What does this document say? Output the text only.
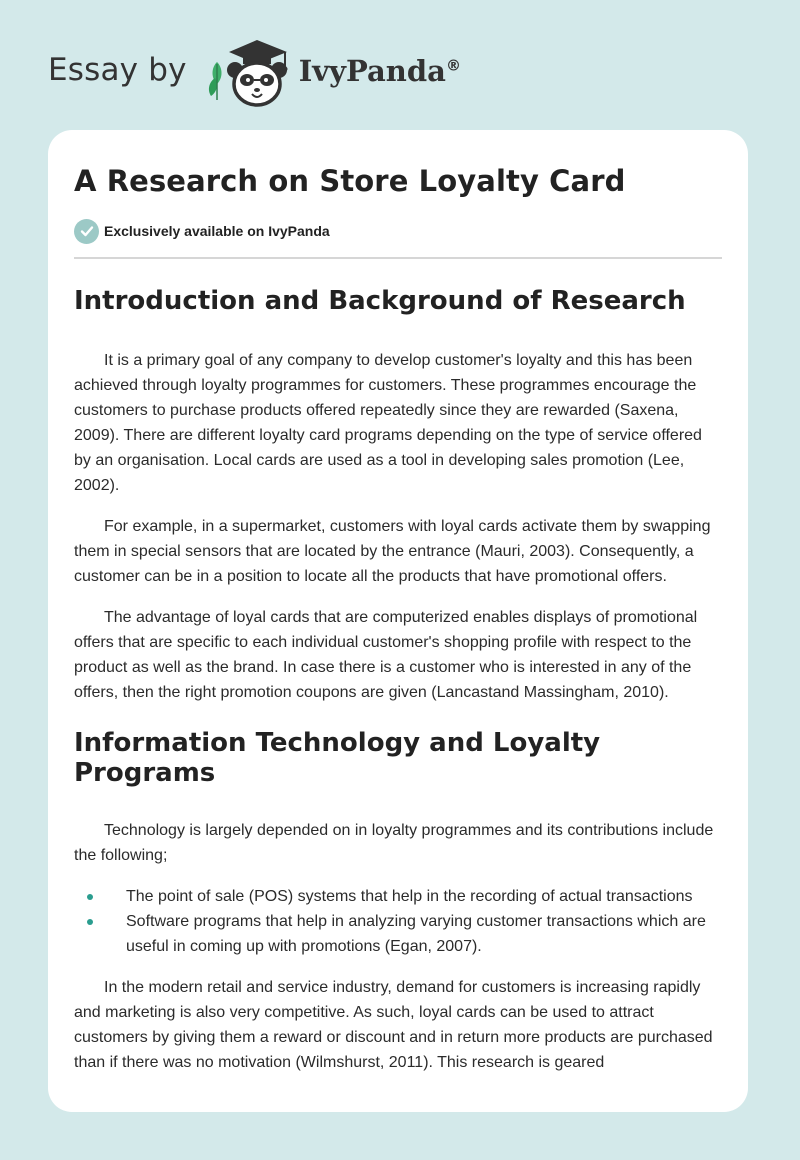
Essay by	IvyPanda®
A Research on Store Loyalty Card
Exclusively available on IvyPanda
Introduction and Background of Research

It is a primary goal of any company to develop customer's loyalty and this has been achieved through loyalty programmes for customers. These programmes encourage the customers to purchase products offered repeatedly since they are rewarded (Saxena, 2009). There are different loyalty card programs depending on the type of service offered by an organisation. Local cards are used as a tool in developing sales promotion (Lee, 2002).

For example, in a supermarket, customers with loyal cards activate them by swapping them in special sensors that are located by the entrance (Mauri, 2003). Consequently, a customer can be in a position to locate all the products that have promotional offers.

The advantage of loyal cards that are computerized enables displays of promotional offers that are specific to each individual customer's shopping profile with respect to the product as well as the brand. In case there is a customer who is interested in any of the offers, then the right promotion coupons are given (Lancastand Massingham, 2010).

Information Technology and Loyalty Programs

Technology is largely depended on in loyalty programmes and its contributions include the following;

The point of sale (POS) systems that help in the recording of actual transactions
Software programs that help in analyzing varying customer transactions which are useful in coming up with promotions (Egan, 2007).

In the modern retail and service industry, demand for customers is increasing rapidly and marketing is also very competitive. As such, loyal cards can be used to attract customers by giving them a reward or discount and in return more products are purchased than if there was no motivation (Wilmshurst, 2011). This research is geared
